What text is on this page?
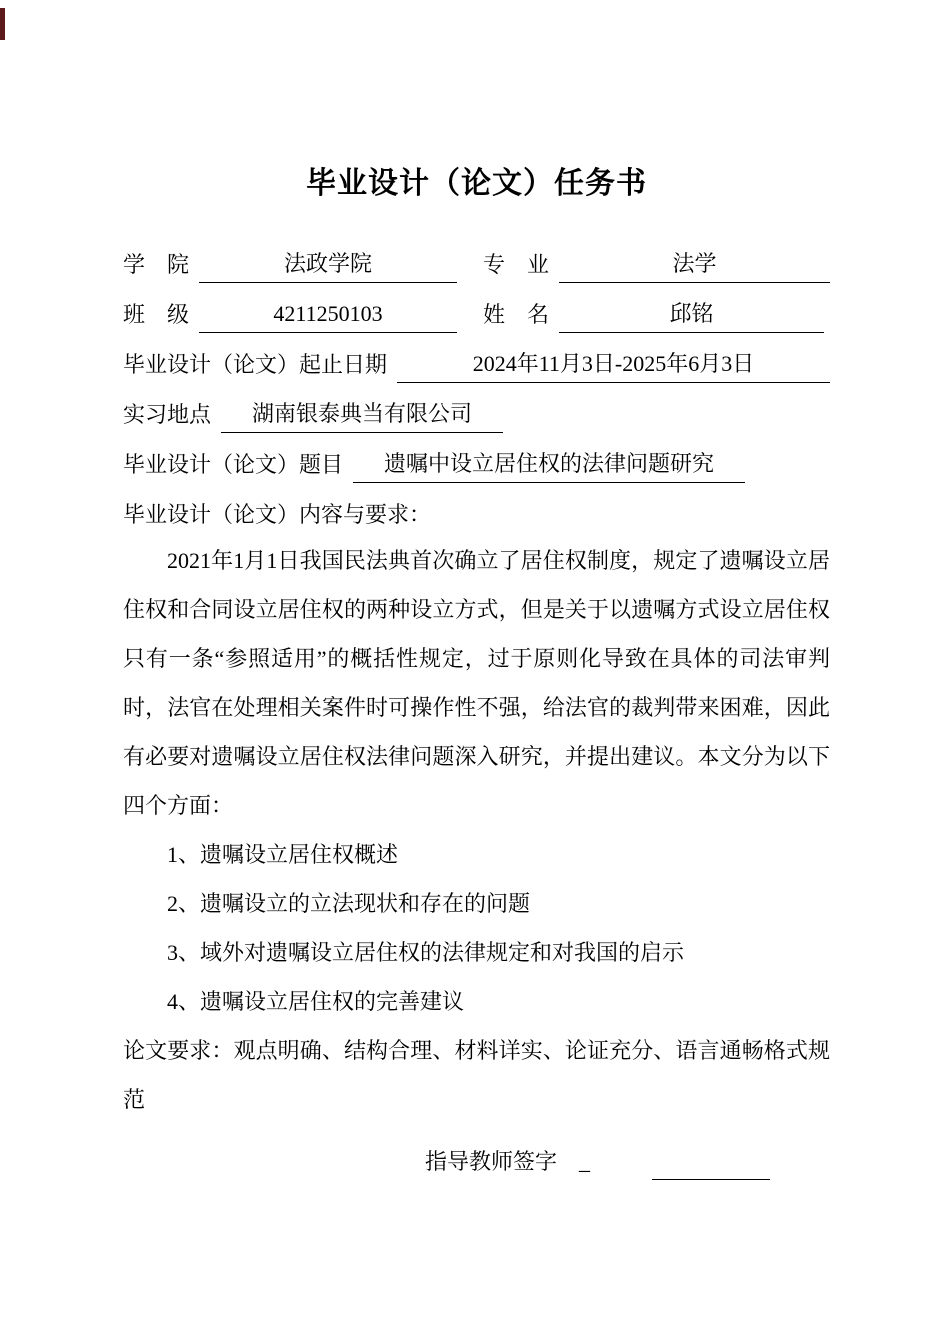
毕业设计（论文）任务书
学　院	法政学院	专　业	法学
班　级	4211250103	姓　名	邱铭
毕业设计（论文）起止日期	2024年11月3日-2025年6月3日
实习地点	湖南银泰典当有限公司
毕业设计（论文）题目	遗嘱中设立居住权的法律问题研究
毕业设计（论文）内容与要求：

2021年1月1日我国民法典首次确立了居住权制度，规定了遗嘱设立居住权和合同设立居住权的两种设立方式，但是关于以遗嘱方式设立居住权只有一条“参照适用”的概括性规定，过于原则化导致在具体的司法审判时，法官在处理相关案件时可操作性不强，给法官的裁判带来困难，因此有必要对遗嘱设立居住权法律问题深入研究，并提出建议。本文分为以下四个方面：

1、遗嘱设立居住权概述

2、遗嘱设立的立法现状和存在的问题

3、域外对遗嘱设立居住权的法律规定和对我国的启示

4、遗嘱设立居住权的完善建议

论文要求：观点明确、结构合理、材料详实、论证充分、语言通畅格式规范

指导教师签字 _
